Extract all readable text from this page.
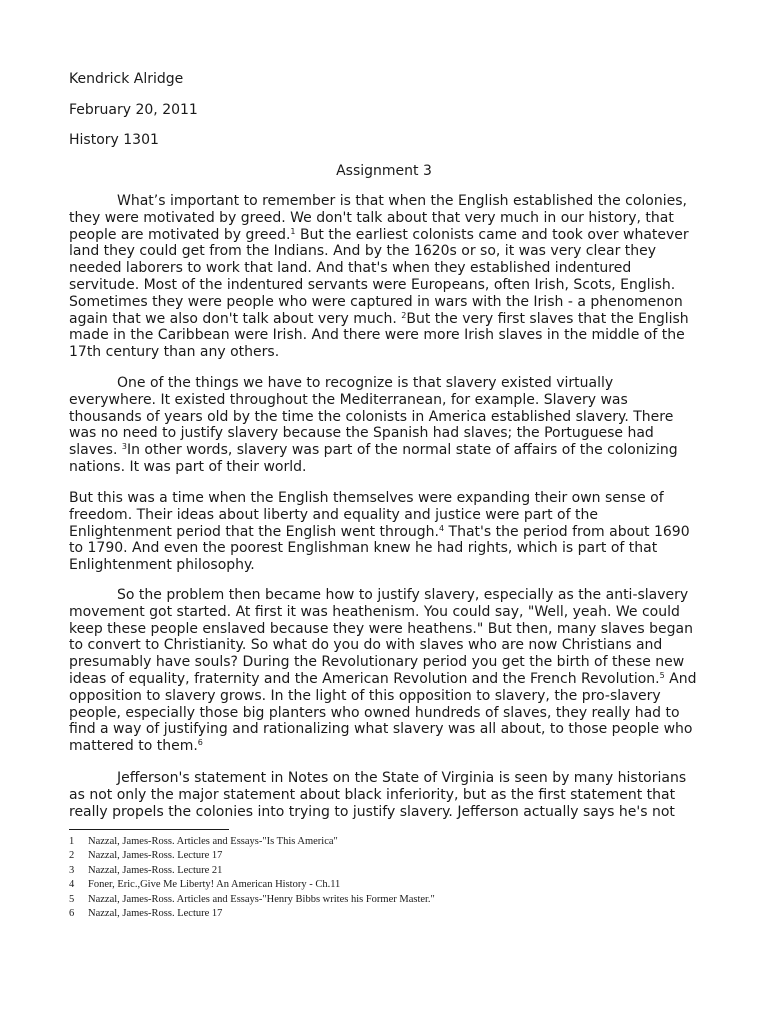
Kendrick Alridge
February 20, 2011
History 1301
Assignment 3
What’s important to remember is that when the English established the colonies,
they were motivated by greed. We don't talk about that very much in our history, that
people are motivated by greed.$^1$ But the earliest colonists came and took over whatever
land they could get from the Indians. And by the 1620s or so, it was very clear they
needed laborers to work that land. And that's when they established indentured
servitude. Most of the indentured servants were Europeans, often Irish, Scots, English.
Sometimes they were people who were captured in wars with the Irish - a phenomenon
again that we also don't talk about very much. $^2$But the very first slaves that the English
made in the Caribbean were Irish. And there were more Irish slaves in the middle of the
17th century than any others.
One of the things we have to recognize is that slavery existed virtually
everywhere. It existed throughout the Mediterranean, for example. Slavery was
thousands of years old by the time the colonists in America established slavery. There
was no need to justify slavery because the Spanish had slaves; the Portuguese had
slaves. $^3$In other words, slavery was part of the normal state of affairs of the colonizing
nations. It was part of their world.
But this was a time when the English themselves were expanding their own sense of
freedom. Their ideas about liberty and equality and justice were part of the
Enlightenment period that the English went through.$^4$ That's the period from about 1690
to 1790. And even the poorest Englishman knew he had rights, which is part of that
Enlightenment philosophy.
So the problem then became how to justify slavery, especially as the anti-slavery
movement got started. At first it was heathenism. You could say, "Well, yeah. We could
keep these people enslaved because they were heathens." But then, many slaves began
to convert to Christianity. So what do you do with slaves who are now Christians and
presumably have souls? During the Revolutionary period you get the birth of these new
ideas of equality, fraternity and the American Revolution and the French Revolution.$^5$ And
opposition to slavery grows. In the light of this opposition to slavery, the pro-slavery
people, especially those big planters who owned hundreds of slaves, they really had to
find a way of justifying and rationalizing what slavery was all about, to those people who
mattered to them.$^6$
Jefferson's statement in Notes on the State of Virginia is seen by many historians
as not only the major statement about black inferiority, but as the first statement that
really propels the colonies into trying to justify slavery. Jefferson actually says he's not
1 Nazzal, James-Ross. Articles and Essays-"Is This America"
2 Nazzal, James-Ross. Lecture 17
3 Nazzal, James-Ross. Lecture 21
4 Foner, Eric.,Give Me Liberty! An American History - Ch.11
5 Nazzal, James-Ross. Articles and Essays-"Henry Bibbs writes his Former Master."
6 Nazzal, James-Ross. Lecture 17
